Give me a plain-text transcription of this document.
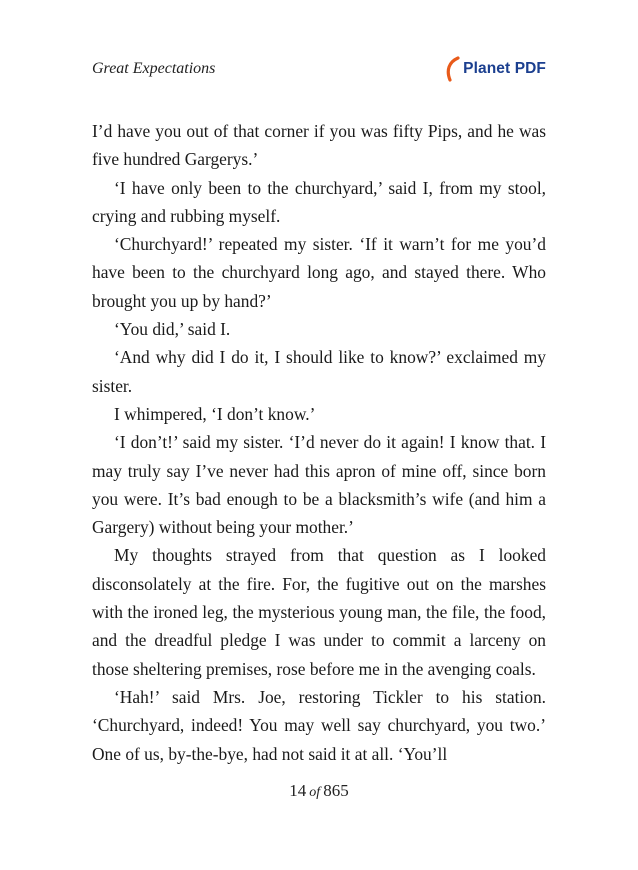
Great Expectations	Planet PDF

I’d have you out of that corner if you was fifty Pips, and he was five hundred Gargerys.’

‘I have only been to the churchyard,’ said I, from my stool, crying and rubbing myself.

‘Churchyard!’ repeated my sister. ‘If it warn’t for me you’d have been to the churchyard long ago, and stayed there. Who brought you up by hand?’

‘You did,’ said I.

‘And why did I do it, I should like to know?’ exclaimed my sister.

I whimpered, ‘I don’t know.’

‘I don’t!’ said my sister. ‘I’d never do it again! I know that. I may truly say I’ve never had this apron of mine off, since born you were. It’s bad enough to be a blacksmith’s wife (and him a Gargery) without being your mother.’

My thoughts strayed from that question as I looked disconsolately at the fire. For, the fugitive out on the marshes with the ironed leg, the mysterious young man, the file, the food, and the dreadful pledge I was under to commit a larceny on those sheltering premises, rose before me in the avenging coals.

‘Hah!’ said Mrs. Joe, restoring Tickler to his station. ‘Churchyard, indeed! You may well say churchyard, you two.’ One of us, by-the-bye, had not said it at all. ‘You’ll

14 of 865
